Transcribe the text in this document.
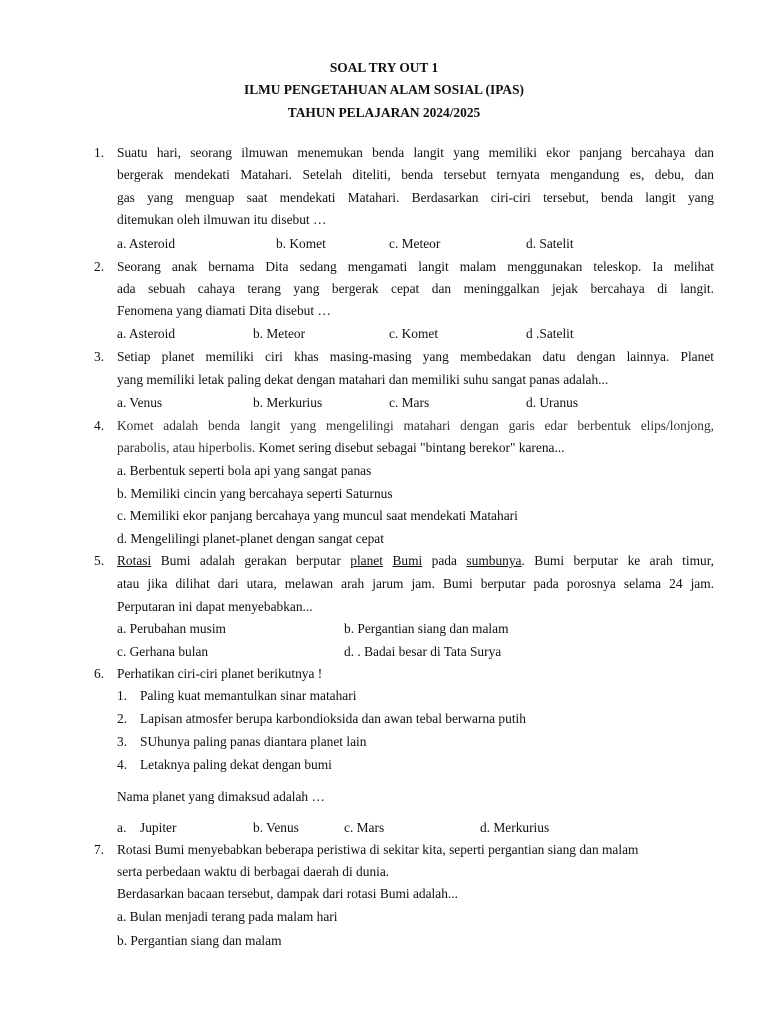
SOAL TRY OUT 1
ILMU PENGETAHUAN ALAM SOSIAL (IPAS)
TAHUN PELAJARAN 2024/2025
1. Suatu hari, seorang ilmuwan menemukan benda langit yang memiliki ekor panjang bercahaya dan
bergerak mendekati Matahari. Setelah diteliti, benda tersebut ternyata mengandung es, debu, dan
gas yang menguap saat mendekati Matahari. Berdasarkan ciri-ciri tersebut, benda langit yang
ditemukan oleh ilmuwan itu disebut …
a. Asteroid	b. Komet	c. Meteor	d. Satelit
2. Seorang anak bernama Dita sedang mengamati langit malam menggunakan teleskop. Ia melihat
ada sebuah cahaya terang yang bergerak cepat dan meninggalkan jejak bercahaya di langit.
Fenomena yang diamati Dita disebut …
a. Asteroid	b. Meteor	c. Komet	d .Satelit
3. Setiap planet memiliki ciri khas masing-masing yang membedakan datu dengan lainnya. Planet
yang memiliki letak paling dekat dengan matahari dan memiliki suhu sangat panas adalah...
a. Venus	b. Merkurius	c. Mars	d. Uranus
4. Komet adalah benda langit yang mengelilingi matahari dengan garis edar berbentuk elips/lonjong,
parabolis, atau hiperbolis. Komet sering disebut sebagai "bintang berekor" karena...
a. Berbentuk seperti bola api yang sangat panas
b. Memiliki cincin yang bercahaya seperti Saturnus
c. Memiliki ekor panjang bercahaya yang muncul saat mendekati Matahari
d. Mengelilingi planet-planet dengan sangat cepat
5. Rotasi Bumi adalah gerakan berputar planet Bumi pada sumbunya. Bumi berputar ke arah timur,
atau jika dilihat dari utara, melawan arah jarum jam. Bumi berputar pada porosnya selama 24 jam.
Perputaran ini dapat menyebabkan...
a. Perubahan musim	b. Pergantian siang dan malam
c. Gerhana bulan	d. . Badai besar di Tata Surya
6. Perhatikan ciri-ciri planet berikutnya !
1. Paling kuat memantulkan sinar matahari
2. Lapisan atmosfer berupa karbondioksida dan awan tebal berwarna putih
3. SUhunya paling panas diantara planet lain
4. Letaknya paling dekat dengan bumi
Nama planet yang dimaksud adalah …
a. Jupiter	b. Venus	c. Mars	d. Merkurius
7. Rotasi Bumi menyebabkan beberapa peristiwa di sekitar kita, seperti pergantian siang dan malam
serta perbedaan waktu di berbagai daerah di dunia.
Berdasarkan bacaan tersebut, dampak dari rotasi Bumi adalah...
a. Bulan menjadi terang pada malam hari
b. Pergantian siang dan malam
